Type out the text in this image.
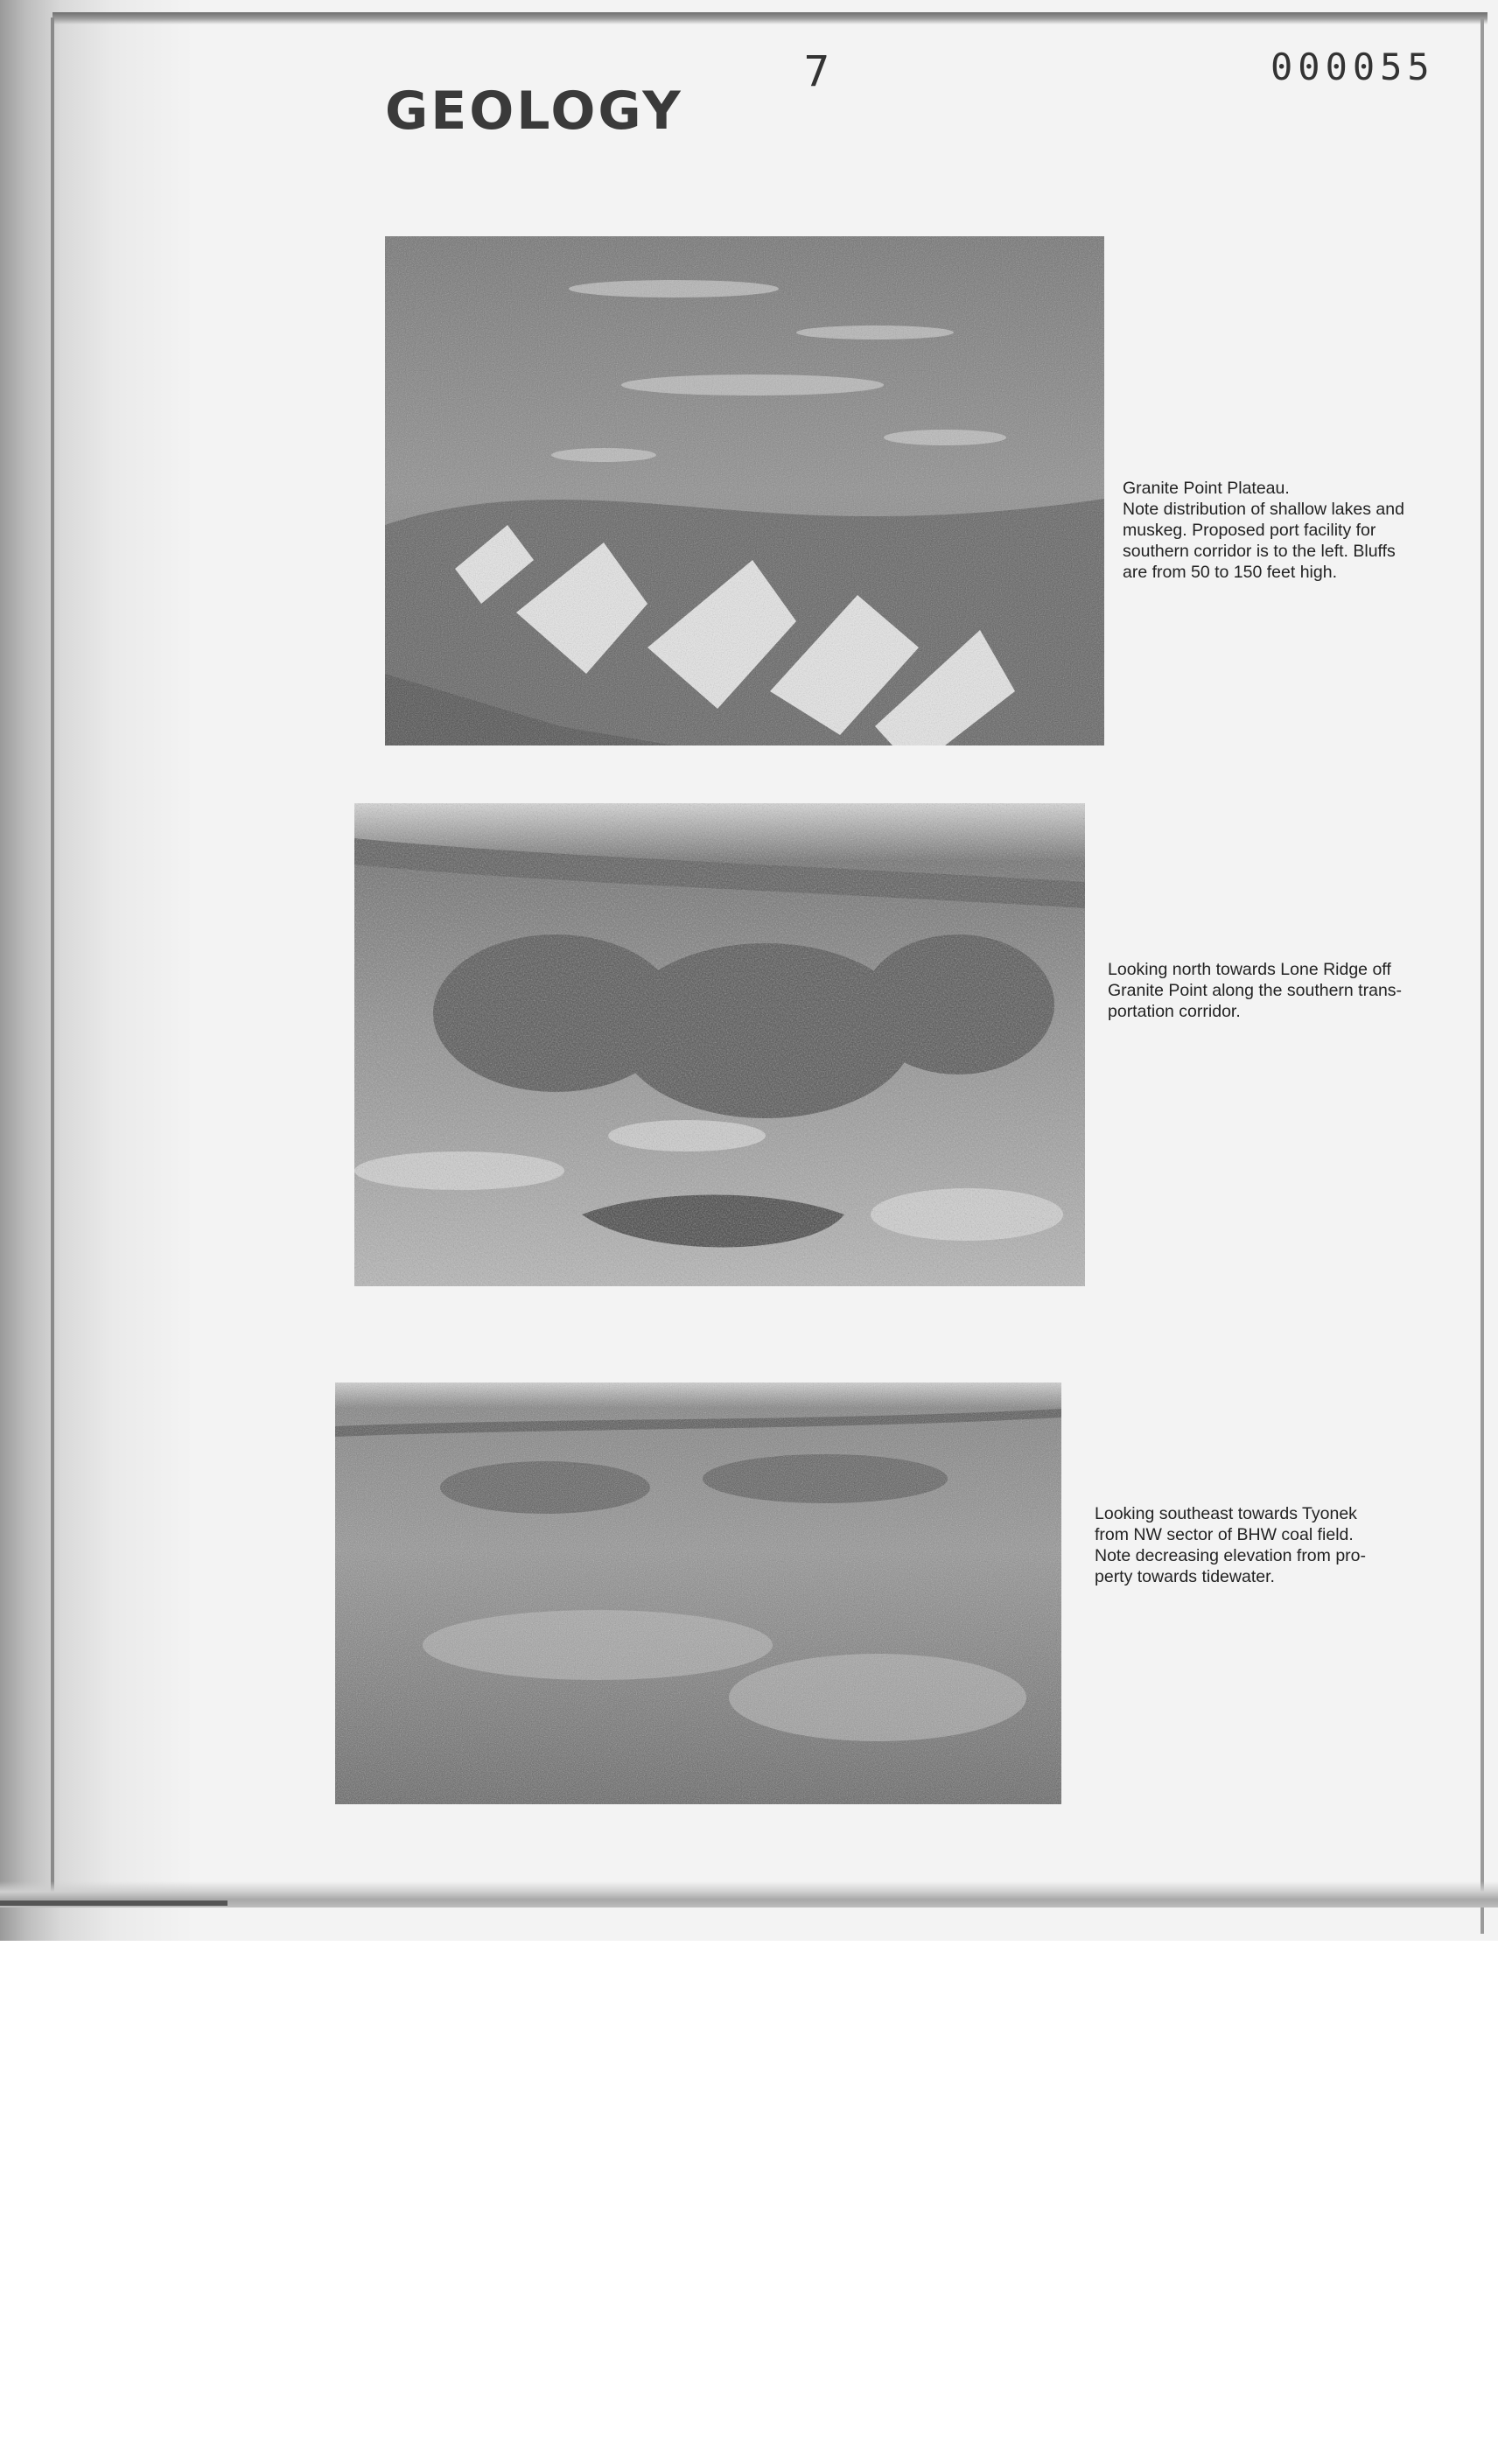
GEOLOGY
7	000055

Granite Point Plateau.
Note distribution of shallow lakes and
muskeg. Proposed port facility for
southern corridor is to the left. Bluffs
are from 50 to 150 feet high.

Looking north towards Lone Ridge off
Granite Point along the southern trans-
portation corridor.

Looking southeast towards Tyonek
from NW sector of BHW coal field.
Note decreasing elevation from pro-
perty towards tidewater.
